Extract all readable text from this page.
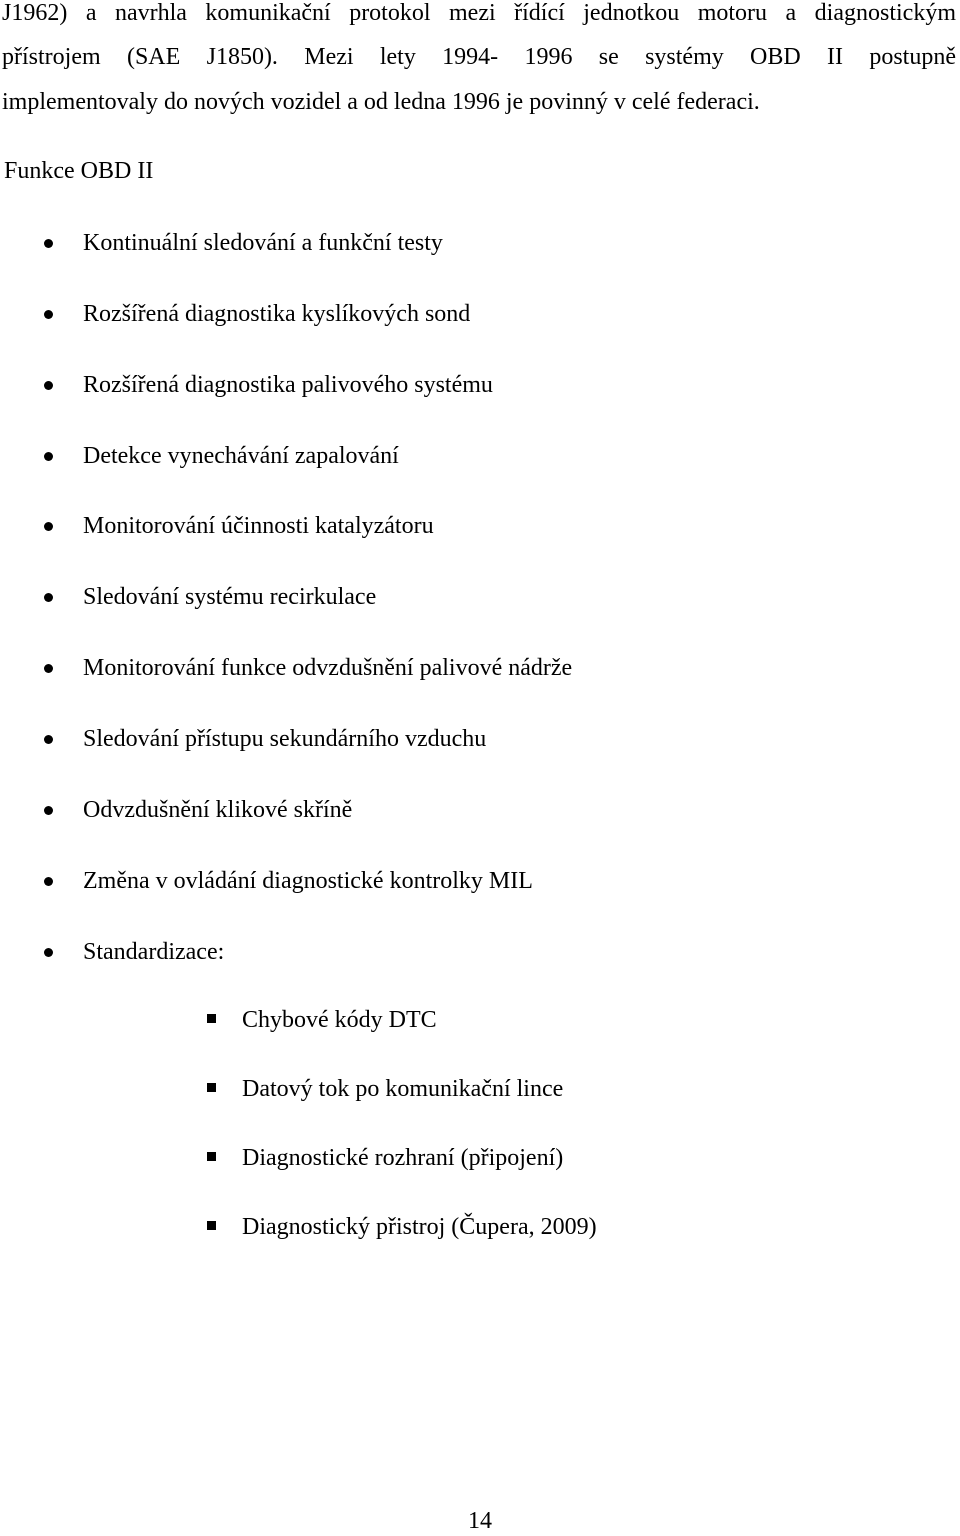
J1962) a navrhla komunikační protokol mezi řídící jednotkou motoru a diagnostickým
přístrojem (SAE J1850). Mezi lety 1994- 1996 se systémy OBD II postupně
implementovaly do nových vozidel a od ledna 1996 je povinný v celé federaci.
Funkce OBD II
Kontinuální sledování a funkční testy
Rozšířená diagnostika kyslíkových sond
Rozšířená diagnostika palivového systému
Detekce vynechávání zapalování
Monitorování účinnosti katalyzátoru
Sledování systému recirkulace
Monitorování funkce odvzdušnění palivové nádrže
Sledování přístupu sekundárního vzduchu
Odvzdušnění klikové skříně
Změna v ovládání diagnostické kontrolky MIL
Standardizace:
Chybové kódy DTC
Datový tok po komunikační lince
Diagnostické rozhraní (připojení)
Diagnostický přistroj (Čupera, 2009)
14
